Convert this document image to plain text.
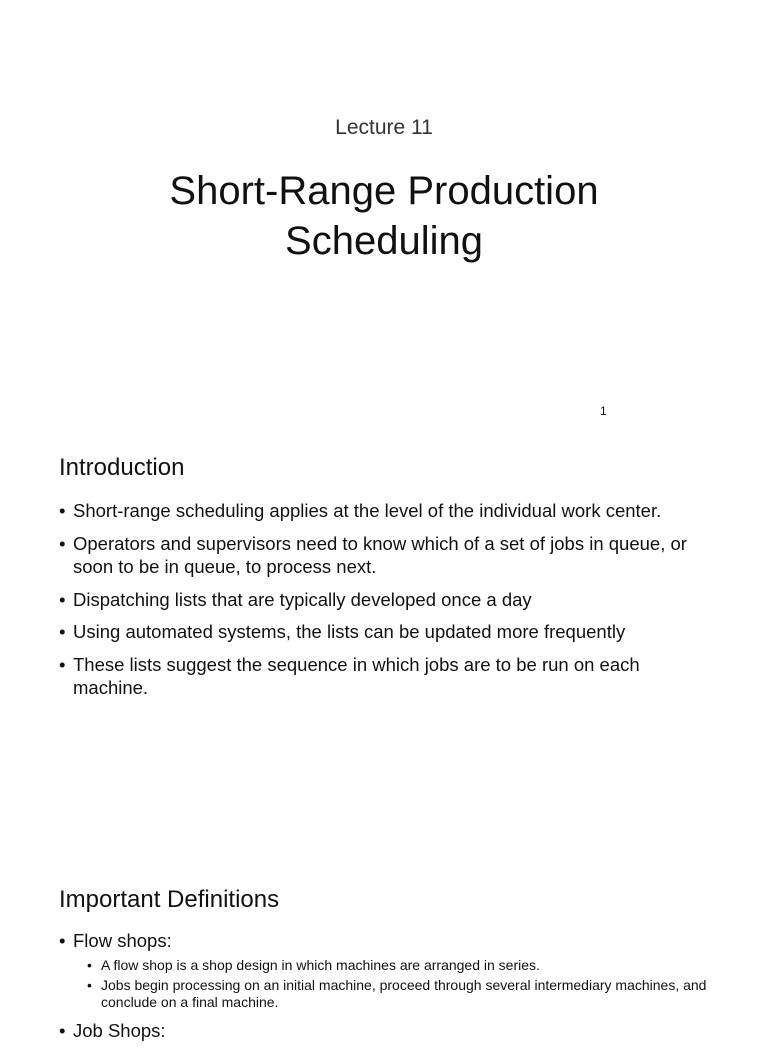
Lecture 11
Short-Range Production
Scheduling
1
Introduction
• Short-range scheduling applies at the level of the individual work center.
• Operators and supervisors need to know which of a set of jobs in queue, or soon to be in queue, to process next.
• Dispatching lists that are typically developed once a day
• Using automated systems, the lists can be updated more frequently
• These lists suggest the sequence in which jobs are to be run on each machine.
Important Definitions
• Flow shops:
• A flow shop is a shop design in which machines are arranged in series.
• Jobs begin processing on an initial machine, proceed through several intermediary machines, and conclude on a final machine.
• Job Shops:
